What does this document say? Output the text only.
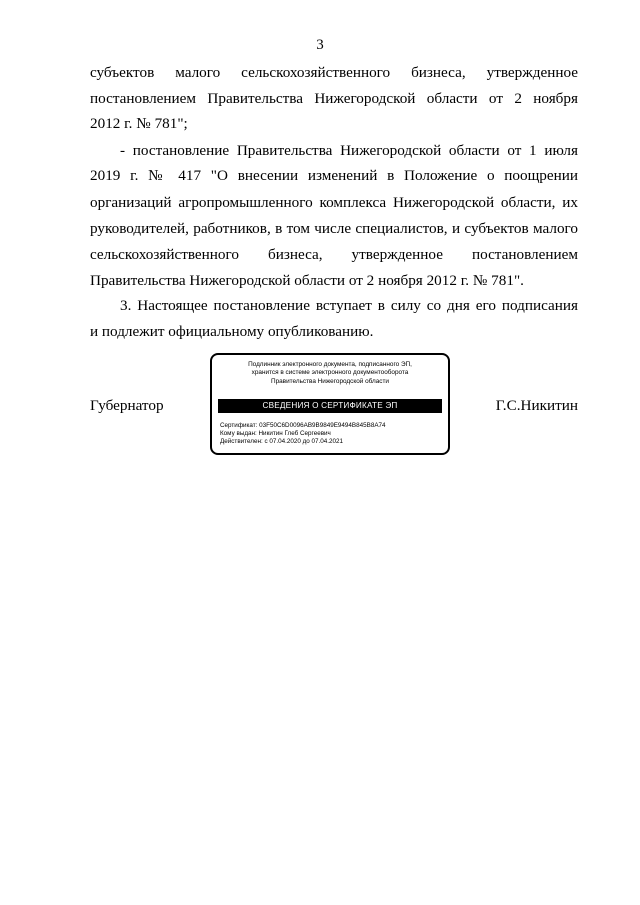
3
субъектов малого сельскохозяйственного бизнеса, утвержденное
постановлением Правительства Нижегородской области от 2 ноября
2012 г. № 781";
- постановление Правительства Нижегородской области от 1 июля
2019 г. № 417 "О внесении изменений в Положение о поощрении
организаций агропромышленного комплекса Нижегородской области, их
руководителей, работников, в том числе специалистов, и субъектов малого
сельскохозяйственного бизнеса, утвержденное постановлением
Правительства Нижегородской области от 2 ноября 2012 г. № 781".
3. Настоящее постановление вступает в силу со дня его подписания
и подлежит официальному опубликованию.
Губернатор
Подлинник электронного документа, подписанного ЭП,
хранится в системе электронного документооборота
Правительства Нижегородской области
СВЕДЕНИЯ О СЕРТИФИКАТЕ ЭП
Сертификат: 03F50C6D0096AB9B9849E9494B845B8A74
Кому выдан: Никитин Глеб Сергеевич
Действителен: с 07.04.2020 до 07.04.2021
Г.С.Никитин
